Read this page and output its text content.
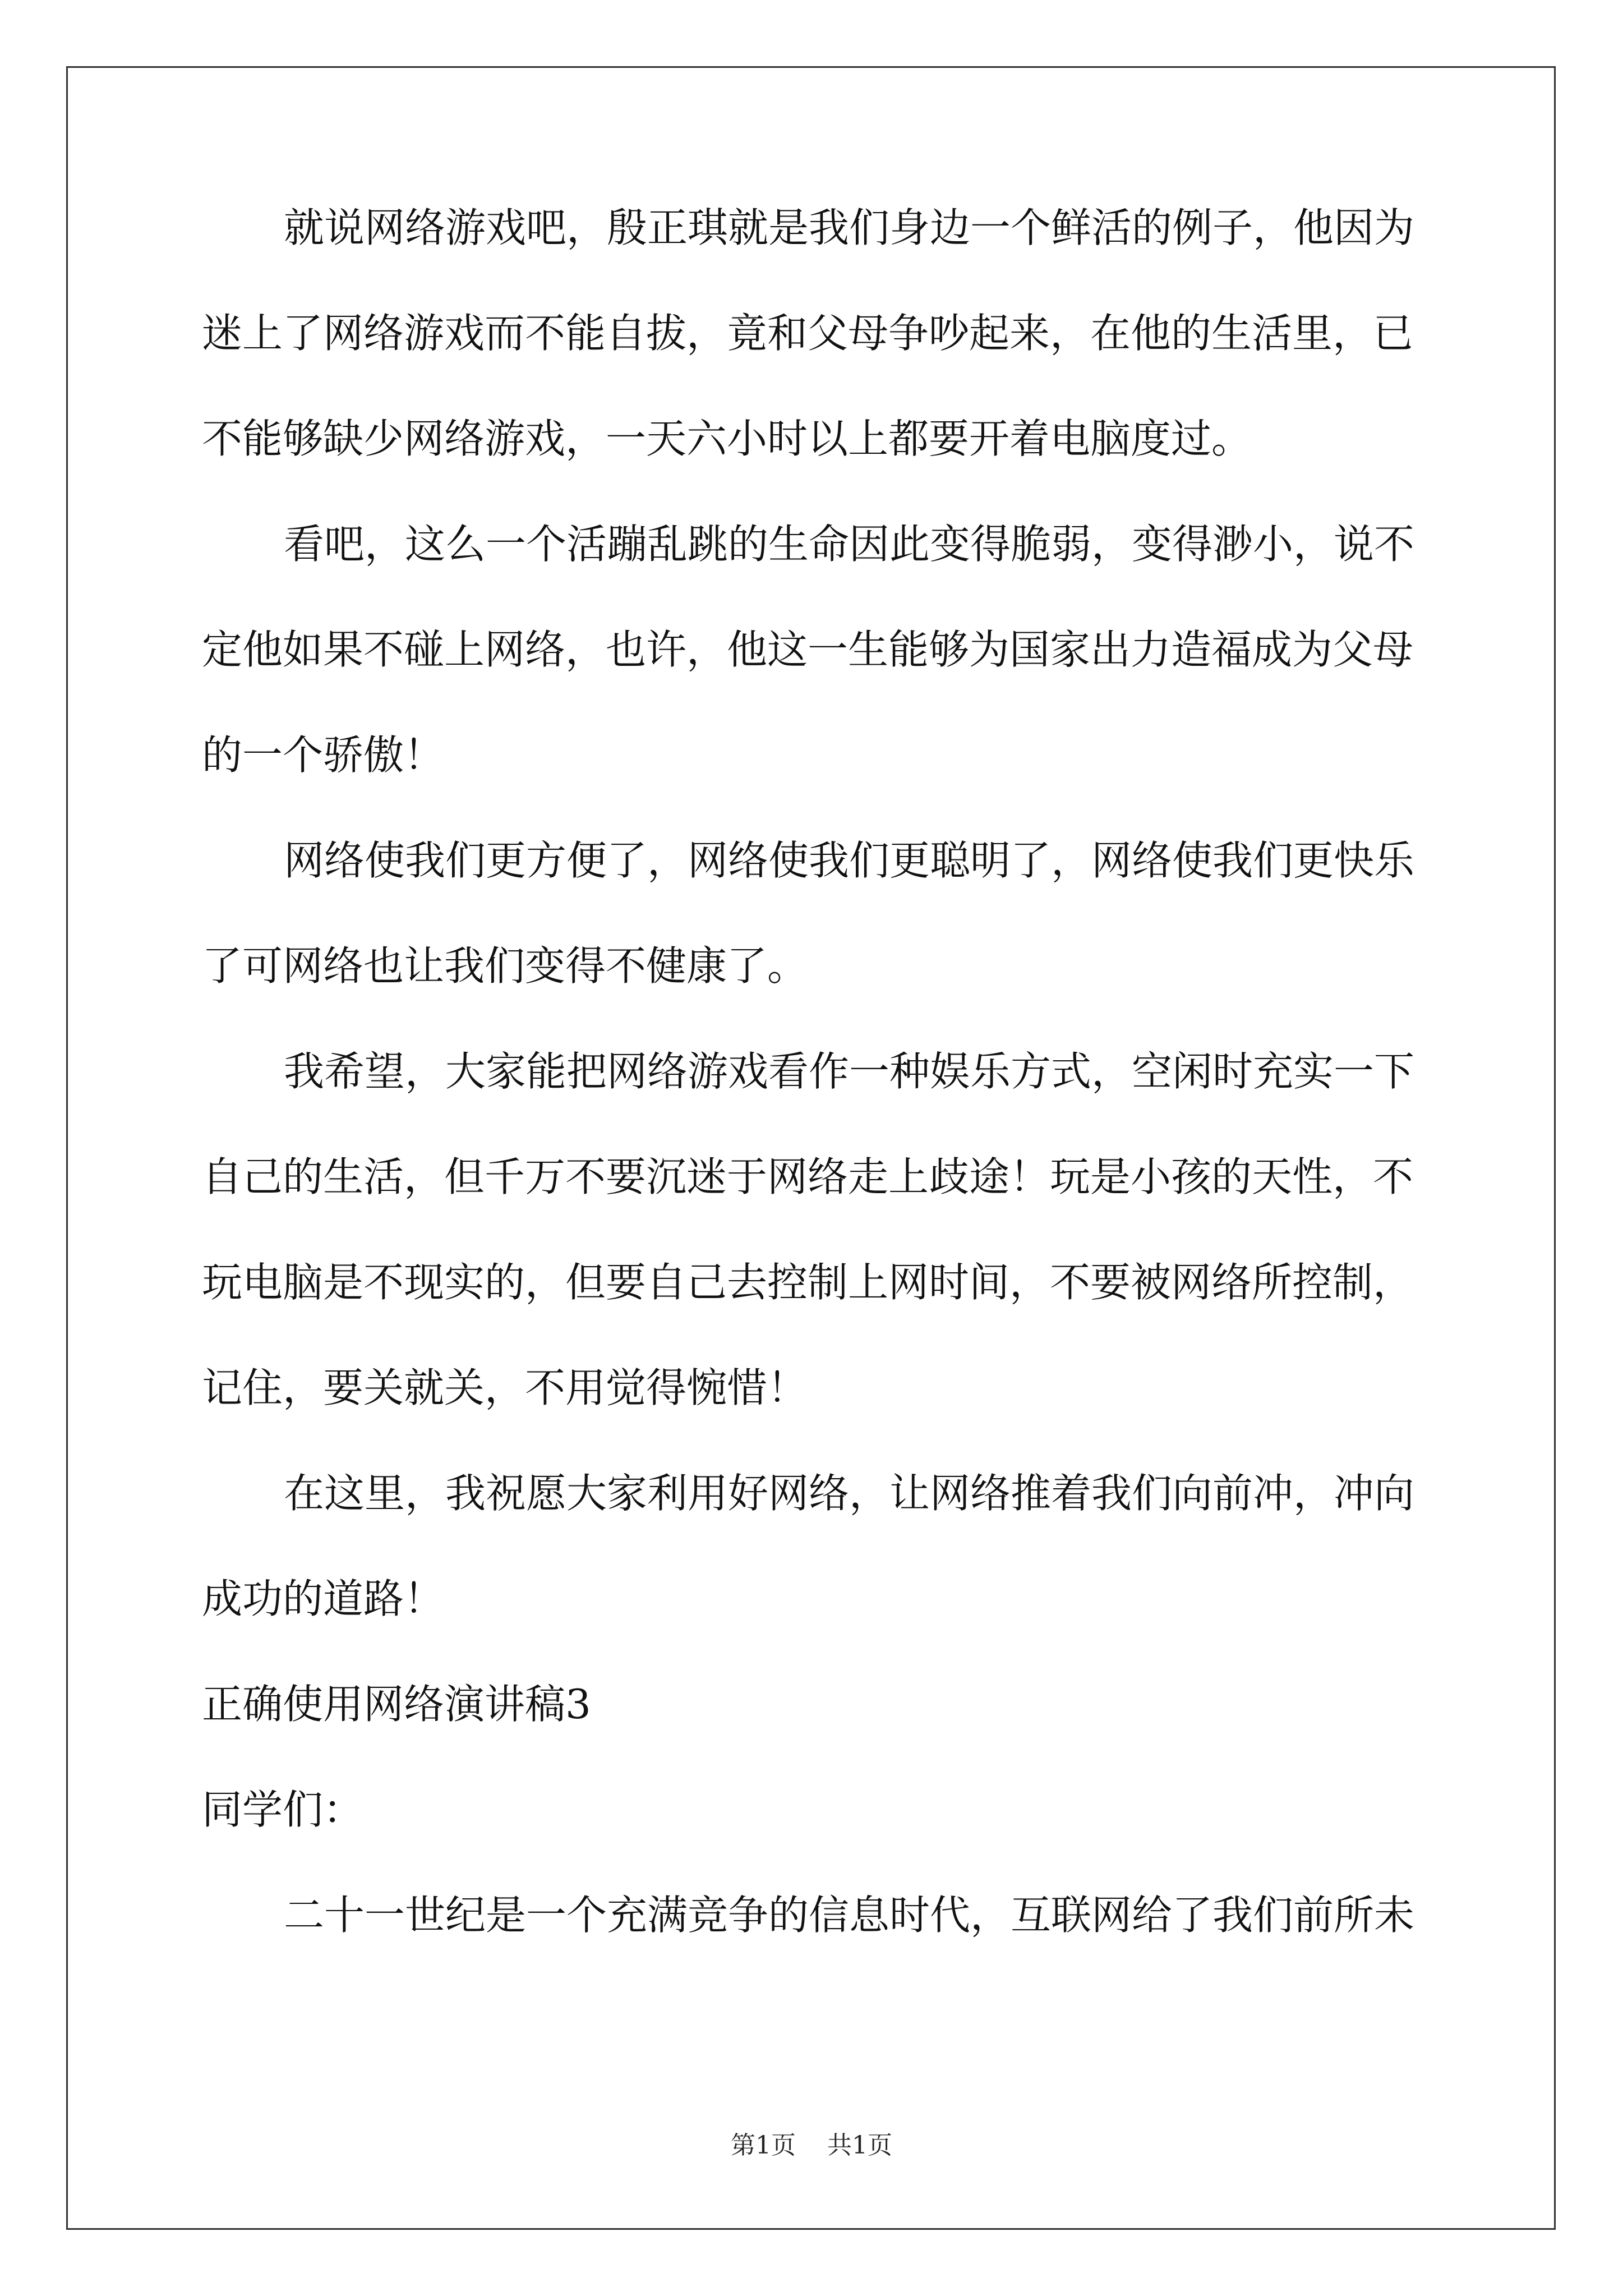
就说网络游戏吧，殷正琪就是我们身边一个鲜活的例子，他因为
迷上了网络游戏而不能自拔，竟和父母争吵起来，在他的生活里，已
不能够缺少网络游戏，一天六小时以上都要开着电脑度过。
看吧，这么一个活蹦乱跳的生命因此变得脆弱，变得渺小，说不
定他如果不碰上网络，也许，他这一生能够为国家出力造福成为父母
的一个骄傲！
网络使我们更方便了，网络使我们更聪明了，网络使我们更快乐
了可网络也让我们变得不健康了。
我希望，大家能把网络游戏看作一种娱乐方式，空闲时充实一下
自己的生活，但千万不要沉迷于网络走上歧途！玩是小孩的天性，不
玩电脑是不现实的，但要自己去控制上网时间，不要被网络所控制，
记住，要关就关，不用觉得惋惜！
在这里，我祝愿大家利用好网络，让网络推着我们向前冲，冲向
成功的道路！
正确使用网络演讲稿3
同学们：
二十一世纪是一个充满竞争的信息时代，互联网给了我们前所未
第1页 共1页
